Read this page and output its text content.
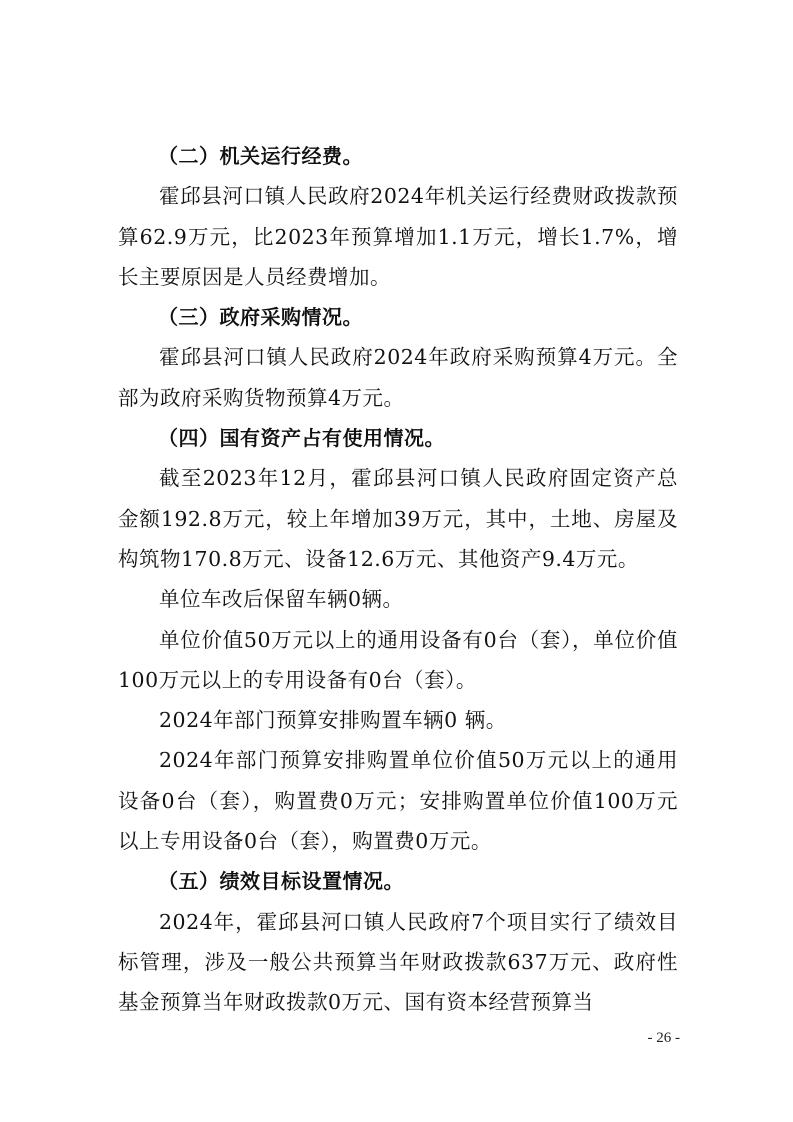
（二）机关运行经费。

霍邱县河口镇人民政府2024年机关运行经费财政拨款预算62.9万元，比2023年预算增加1.1万元，增长1.7%，增长主要原因是人员经费增加。

（三）政府采购情况。

霍邱县河口镇人民政府2024年政府采购预算4万元。全部为政府采购货物预算4万元。

（四）国有资产占有使用情况。

截至2023年12月，霍邱县河口镇人民政府固定资产总金额192.8万元，较上年增加39万元，其中，土地、房屋及构筑物170.8万元、设备12.6万元、其他资产9.4万元。

单位车改后保留车辆0辆。

单位价值50万元以上的通用设备有0台（套），单位价值100万元以上的专用设备有0台（套）。

2024年部门预算安排购置车辆0 辆。

2024年部门预算安排购置单位价值50万元以上的通用设备0台（套），购置费0万元；安排购置单位价值100万元以上专用设备0台（套），购置费0万元。

（五）绩效目标设置情况。

2024年，霍邱县河口镇人民政府7个项目实行了绩效目标管理，涉及一般公共预算当年财政拨款637万元、政府性基金预算当年财政拨款0万元、国有资本经营预算当

- 26 -
